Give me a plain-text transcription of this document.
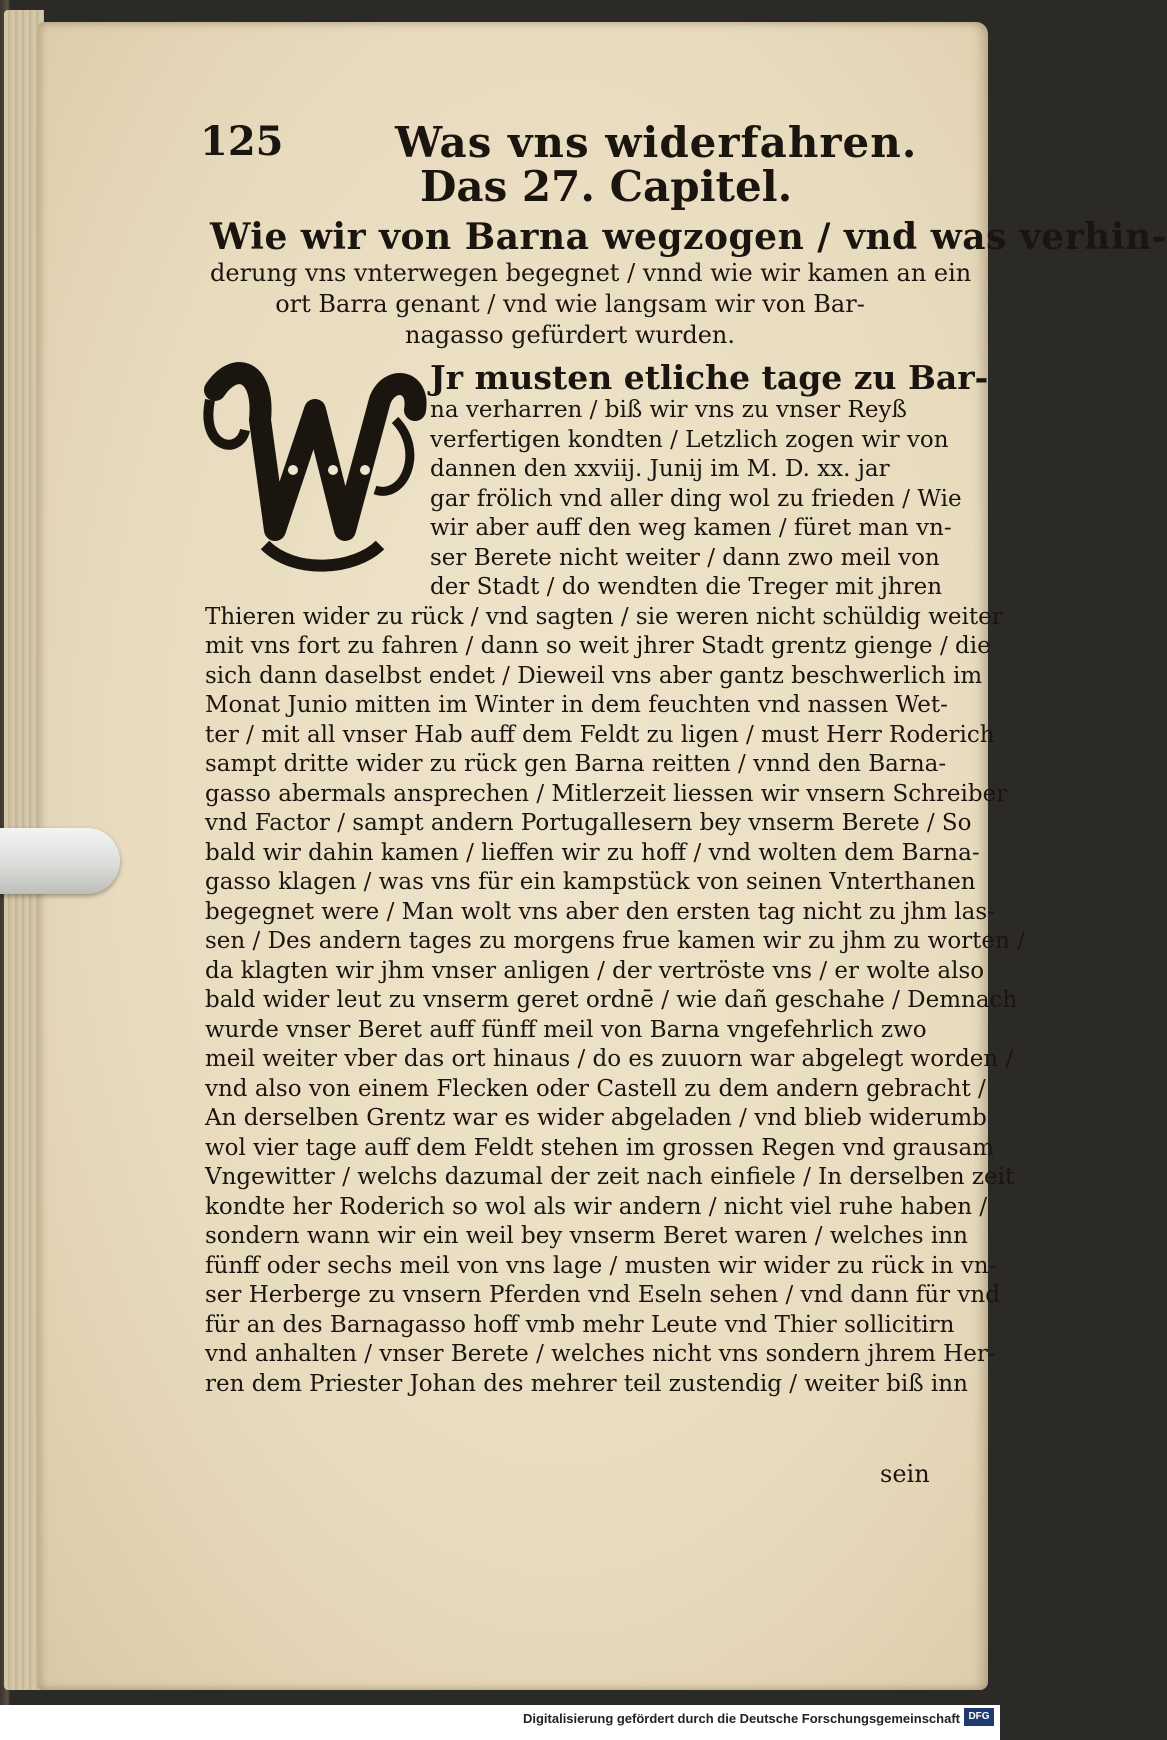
125	Was vns widerfahren.
Das 27. Capitel.
Wie wir von Barna wegzogen / vnd was verhin-
derung vns vnterwegen begegnet / vnnd wie wir kamen an ein
ort Barra genant / vnd wie langsam wir von Bar-
nagasso gefürdert wurden.
Jr musten etliche tage zu Bar-
na verharren / biß wir vns zu vnser Reyß
verfertigen kondten / Letzlich zogen wir von
dannen den xxviij. Junij im M. D. xx. jar
gar frölich vnd aller ding wol zu frieden / Wie
wir aber auff den weg kamen / füret man vn-
ser Berete nicht weiter / dann zwo meil von
der Stadt / do wendten die Treger mit jhren
Thieren wider zu rück / vnd sagten / sie weren nicht schüldig weiter
mit vns fort zu fahren / dann so weit jhrer Stadt grentz gienge / die
sich dann daselbst endet / Dieweil vns aber gantz beschwerlich im
Monat Junio mitten im Winter in dem feuchten vnd nassen Wet-
ter / mit all vnser Hab auff dem Feldt zu ligen / must Herr Roderich
sampt dritte wider zu rück gen Barna reitten / vnnd den Barna-
gasso abermals ansprechen / Mitlerzeit liessen wir vnsern Schreiber
vnd Factor / sampt andern Portugallesern bey vnserm Berete / So
bald wir dahin kamen / lieffen wir zu hoff / vnd wolten dem Barna-
gasso klagen / was vns für ein kampstück von seinen Vnterthanen
begegnet were / Man wolt vns aber den ersten tag nicht zu jhm las-
sen / Des andern tages zu morgens frue kamen wir zu jhm zu worten /
da klagten wir jhm vnser anligen / der vertröste vns / er wolte also
bald wider leut zu vnserm geret ordnē / wie dañ geschahe / Demnach
wurde vnser Beret auff fünff meil von Barna vngefehrlich zwo
meil weiter vber das ort hinaus / do es zuuorn war abgelegt worden /
vnd also von einem Flecken oder Castell zu dem andern gebracht /
An derselben Grentz war es wider abgeladen / vnd blieb widerumb
wol vier tage auff dem Feldt stehen im grossen Regen vnd grausam
Vngewitter / welchs dazumal der zeit nach einfiele / In derselben zeit
kondte her Roderich so wol als wir andern / nicht viel ruhe haben /
sondern wann wir ein weil bey vnserm Beret waren / welches inn
fünff oder sechs meil von vns lage / musten wir wider zu rück in vn-
ser Herberge zu vnsern Pferden vnd Eseln sehen / vnd dann für vnd
für an des Barnagasso hoff vmb mehr Leute vnd Thier sollicitirn
vnd anhalten / vnser Berete / welches nicht vns sondern jhrem Her-
ren dem Priester Johan des mehrer teil zustendig / weiter biß inn
sein
Digitalisierung gefördert durch die Deutsche Forschungsgemeinschaft DFG
